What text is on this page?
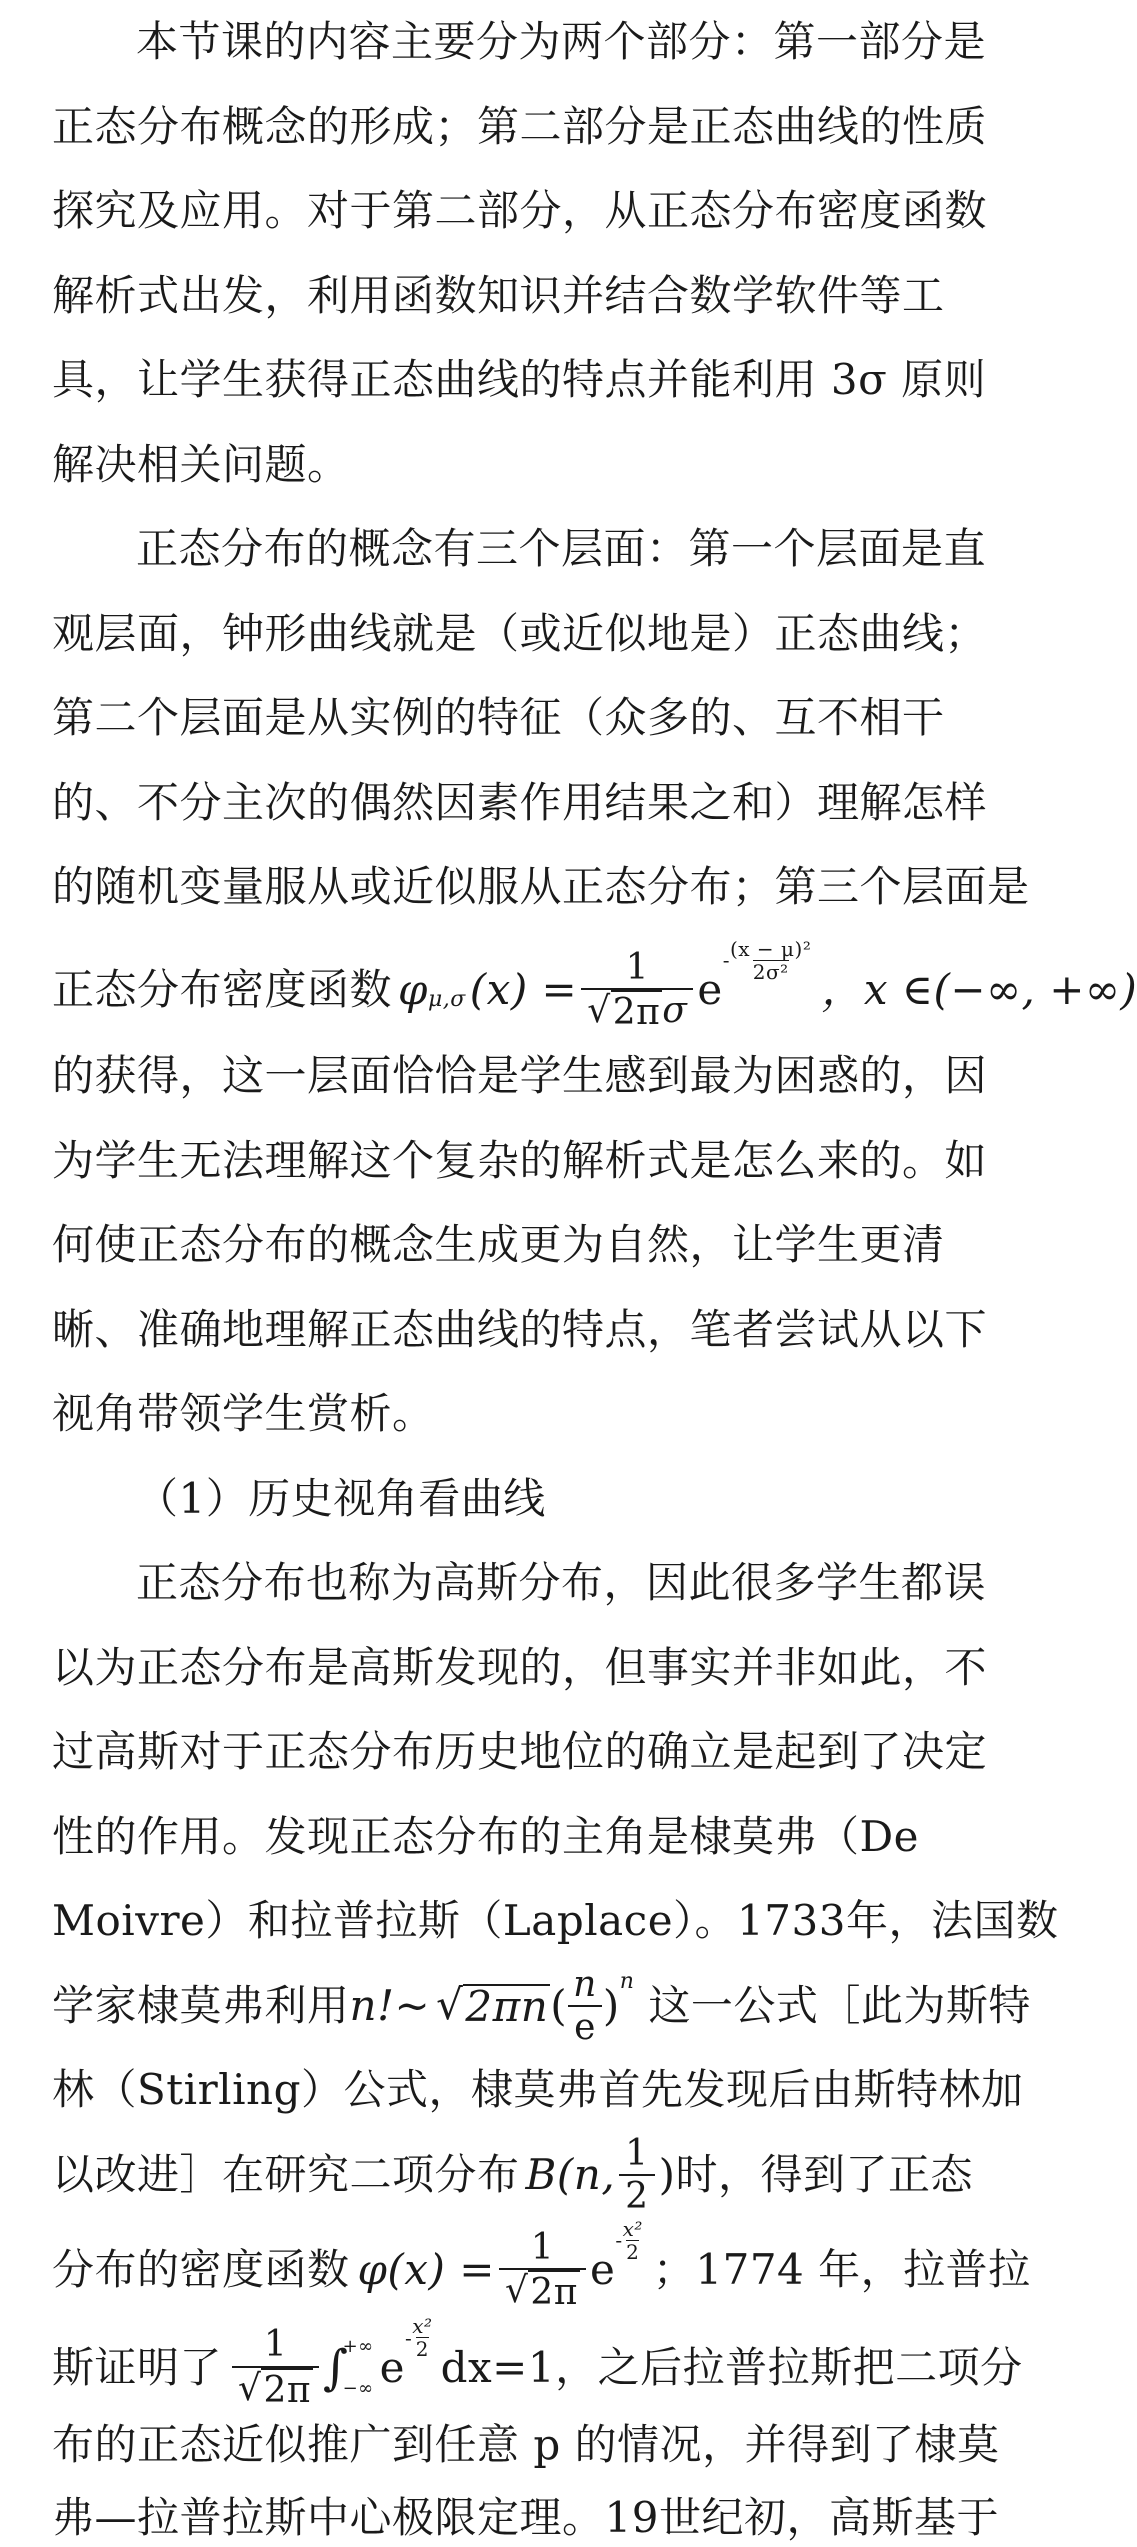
本节课的内容主要分为两个部分：第一部分是
正态分布概念的形成；第二部分是正态曲线的性质
探究及应用。对于第二部分，从正态分布密度函数
解析式出发，利用函数知识并结合数学软件等工
具，让学生获得正态曲线的特点并能利用 3σ 原则
解决相关问题。
正态分布的概念有三个层面：第一个层面是直
观层面，钟形曲线就是（或近似地是）正态曲线；
第二个层面是从实例的特征（众多的、互不相干
的、不分主次的偶然因素作用结果之和）理解怎样
的随机变量服从或近似服从正态分布；第三个层面是
正态分布密度函数 φ μ,σ $(x) = \frac{1}{\text{√ 2π σ}}$ e
- $\frac{\text{(x − μ)²}}{\text{2σ²}}$
，x ∈(−∞, +∞)
的获得，这一层面恰恰是学生感到最为困惑的，因
为学生无法理解这个复杂的解析式是怎么来的。如
何使正态分布的概念生成更为自然，让学生更清
晰、准确地理解正态曲线的特点，笔者尝试从以下
视角带领学生赏析。
（1）历史视角看曲线
正态分布也称为高斯分布，因此很多学生都误
以为正态分布是高斯发现的，但事实并非如此，不
过高斯对于正态分布历史地位的确立是起到了决定
性的作用。发现正态分布的主角是棣莫弗（De
Moivre）和拉普拉斯（Laplace）。1733年，法国数
学家棣莫弗利用 n!~ √ 2πn ( $\frac{n}{e}$ ) n 这一公式［此为斯特
林（Stirling）公式，棣莫弗首先发现后由斯特林加
以改进］在研究二项分布 B(n, $\frac{1}{2}$ )时，得到了正态
分布的密度函数 $\varphi(x) = \frac{1}{√ 2\pi}$ e
- $\frac{\text{x²}}{2}$
；1774 年，拉普拉
斯证明了 $\frac{1}{√ 2\pi}$ ∫
+∞
−∞ e
- $\frac{\text{x²}}{2}$
dx=1 ，之后拉普拉斯把二项分
布的正态近似推广到任意 p 的情况，并得到了棣莫
弗—拉普拉斯中心极限定理。19世纪初，高斯基于
